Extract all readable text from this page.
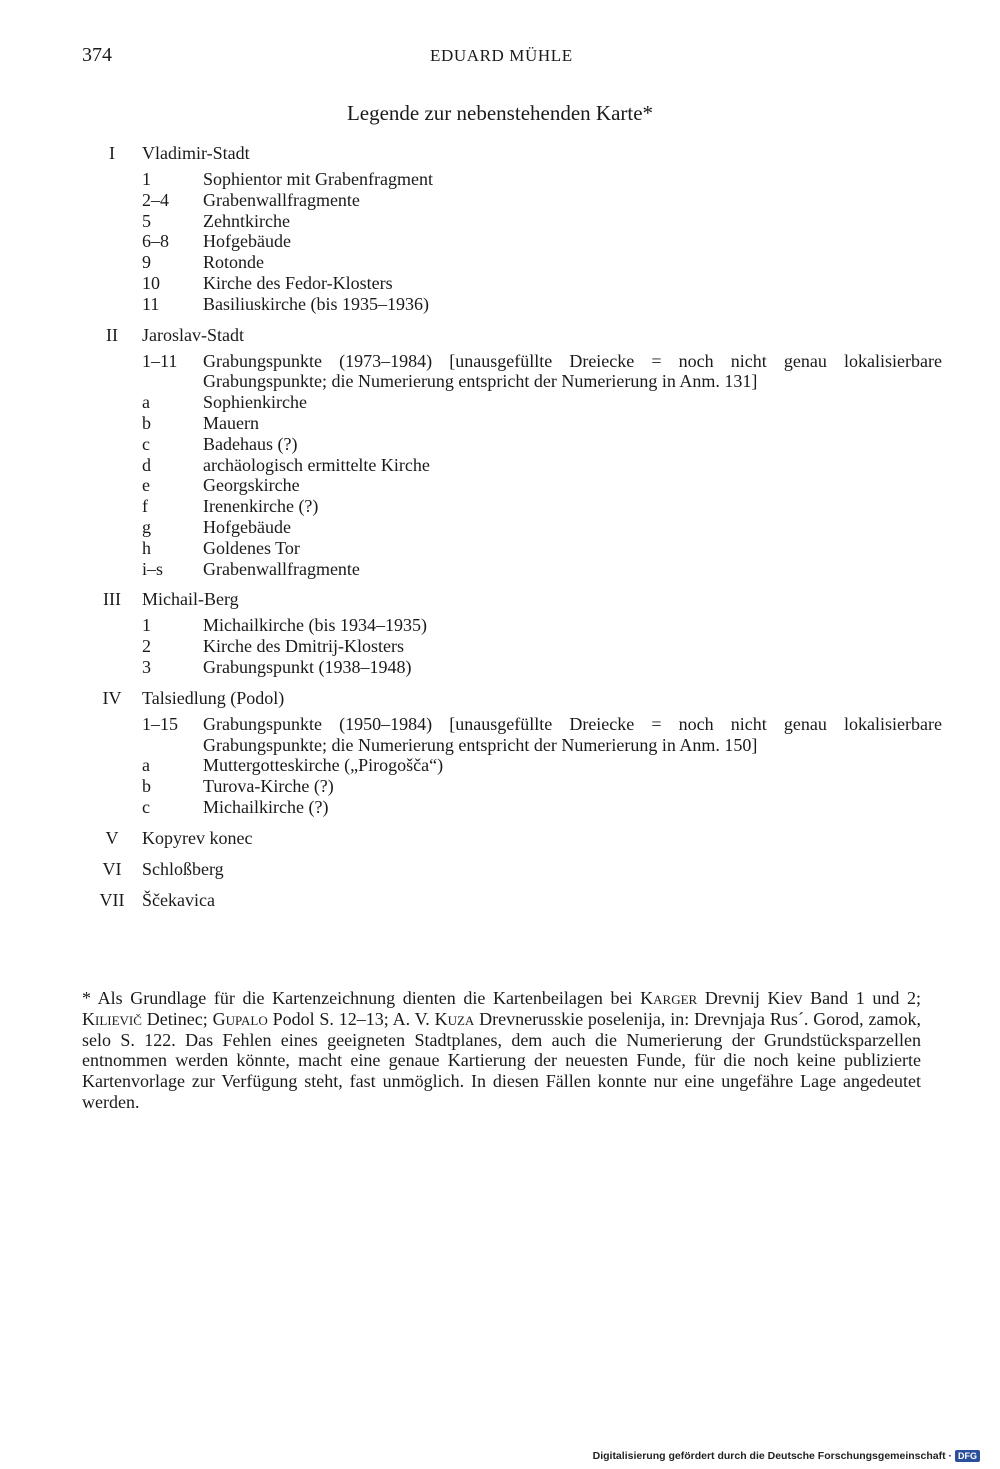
374	EDUARD MÜHLE
Legende zur nebenstehenden Karte*
I	Vladimir-Stadt
1	Sophientor mit Grabenfragment
2–4	Grabenwallfragmente
5	Zehntkirche
6–8	Hofgebäude
9	Rotonde
10	Kirche des Fedor-Klosters
11	Basiliuskirche (bis 1935–1936)
II	Jaroslav-Stadt
1–11	Grabungspunkte (1973–1984) [unausgefüllte Dreiecke = noch nicht genau lokalisierbare Grabungspunkte; die Numerierung entspricht der Numerierung in Anm. 131]
a	Sophienkirche
b	Mauern
c	Badehaus (?)
d	archäologisch ermittelte Kirche
e	Georgskirche
f	Irenenkirche (?)
g	Hofgebäude
h	Goldenes Tor
i–s	Grabenwallfragmente
III	Michail-Berg
1	Michailkirche (bis 1934–1935)
2	Kirche des Dmitrij-Klosters
3	Grabungspunkt (1938–1948)
IV	Talsiedlung (Podol)
1–15	Grabungspunkte (1950–1984) [unausgefüllte Dreiecke = noch nicht genau lokalisierbare Grabungspunkte; die Numerierung entspricht der Numerierung in Anm. 150]
a	Muttergotteskirche („Pirogošča“)
b	Turova-Kirche (?)
c	Michailkirche (?)
V	Kopyrev konec
VI	Schloßberg
VII Ščekavica
* Als Grundlage für die Kartenzeichnung dienten die Kartenbeilagen bei Karger Drevnij Kiev Band 1 und 2; Kilievič Detinec; Gupalo Podol S. 12–13; A. V. Kuza Drevnerusskie poselenija, in: Drevnjaja Rus´. Gorod, zamok, selo S. 122. Das Fehlen eines geeigneten Stadtplanes, dem auch die Numerierung der Grundstücksparzellen entnommen werden könnte, macht eine genaue Kartierung der neuesten Funde, für die noch keine publizierte Kartenvorlage zur Verfügung steht, fast unmöglich. In diesen Fällen konnte nur eine ungefähre Lage angedeutet werden.
Digitalisierung gefördert durch die Deutsche Forschungsgemeinschaft · DFG
